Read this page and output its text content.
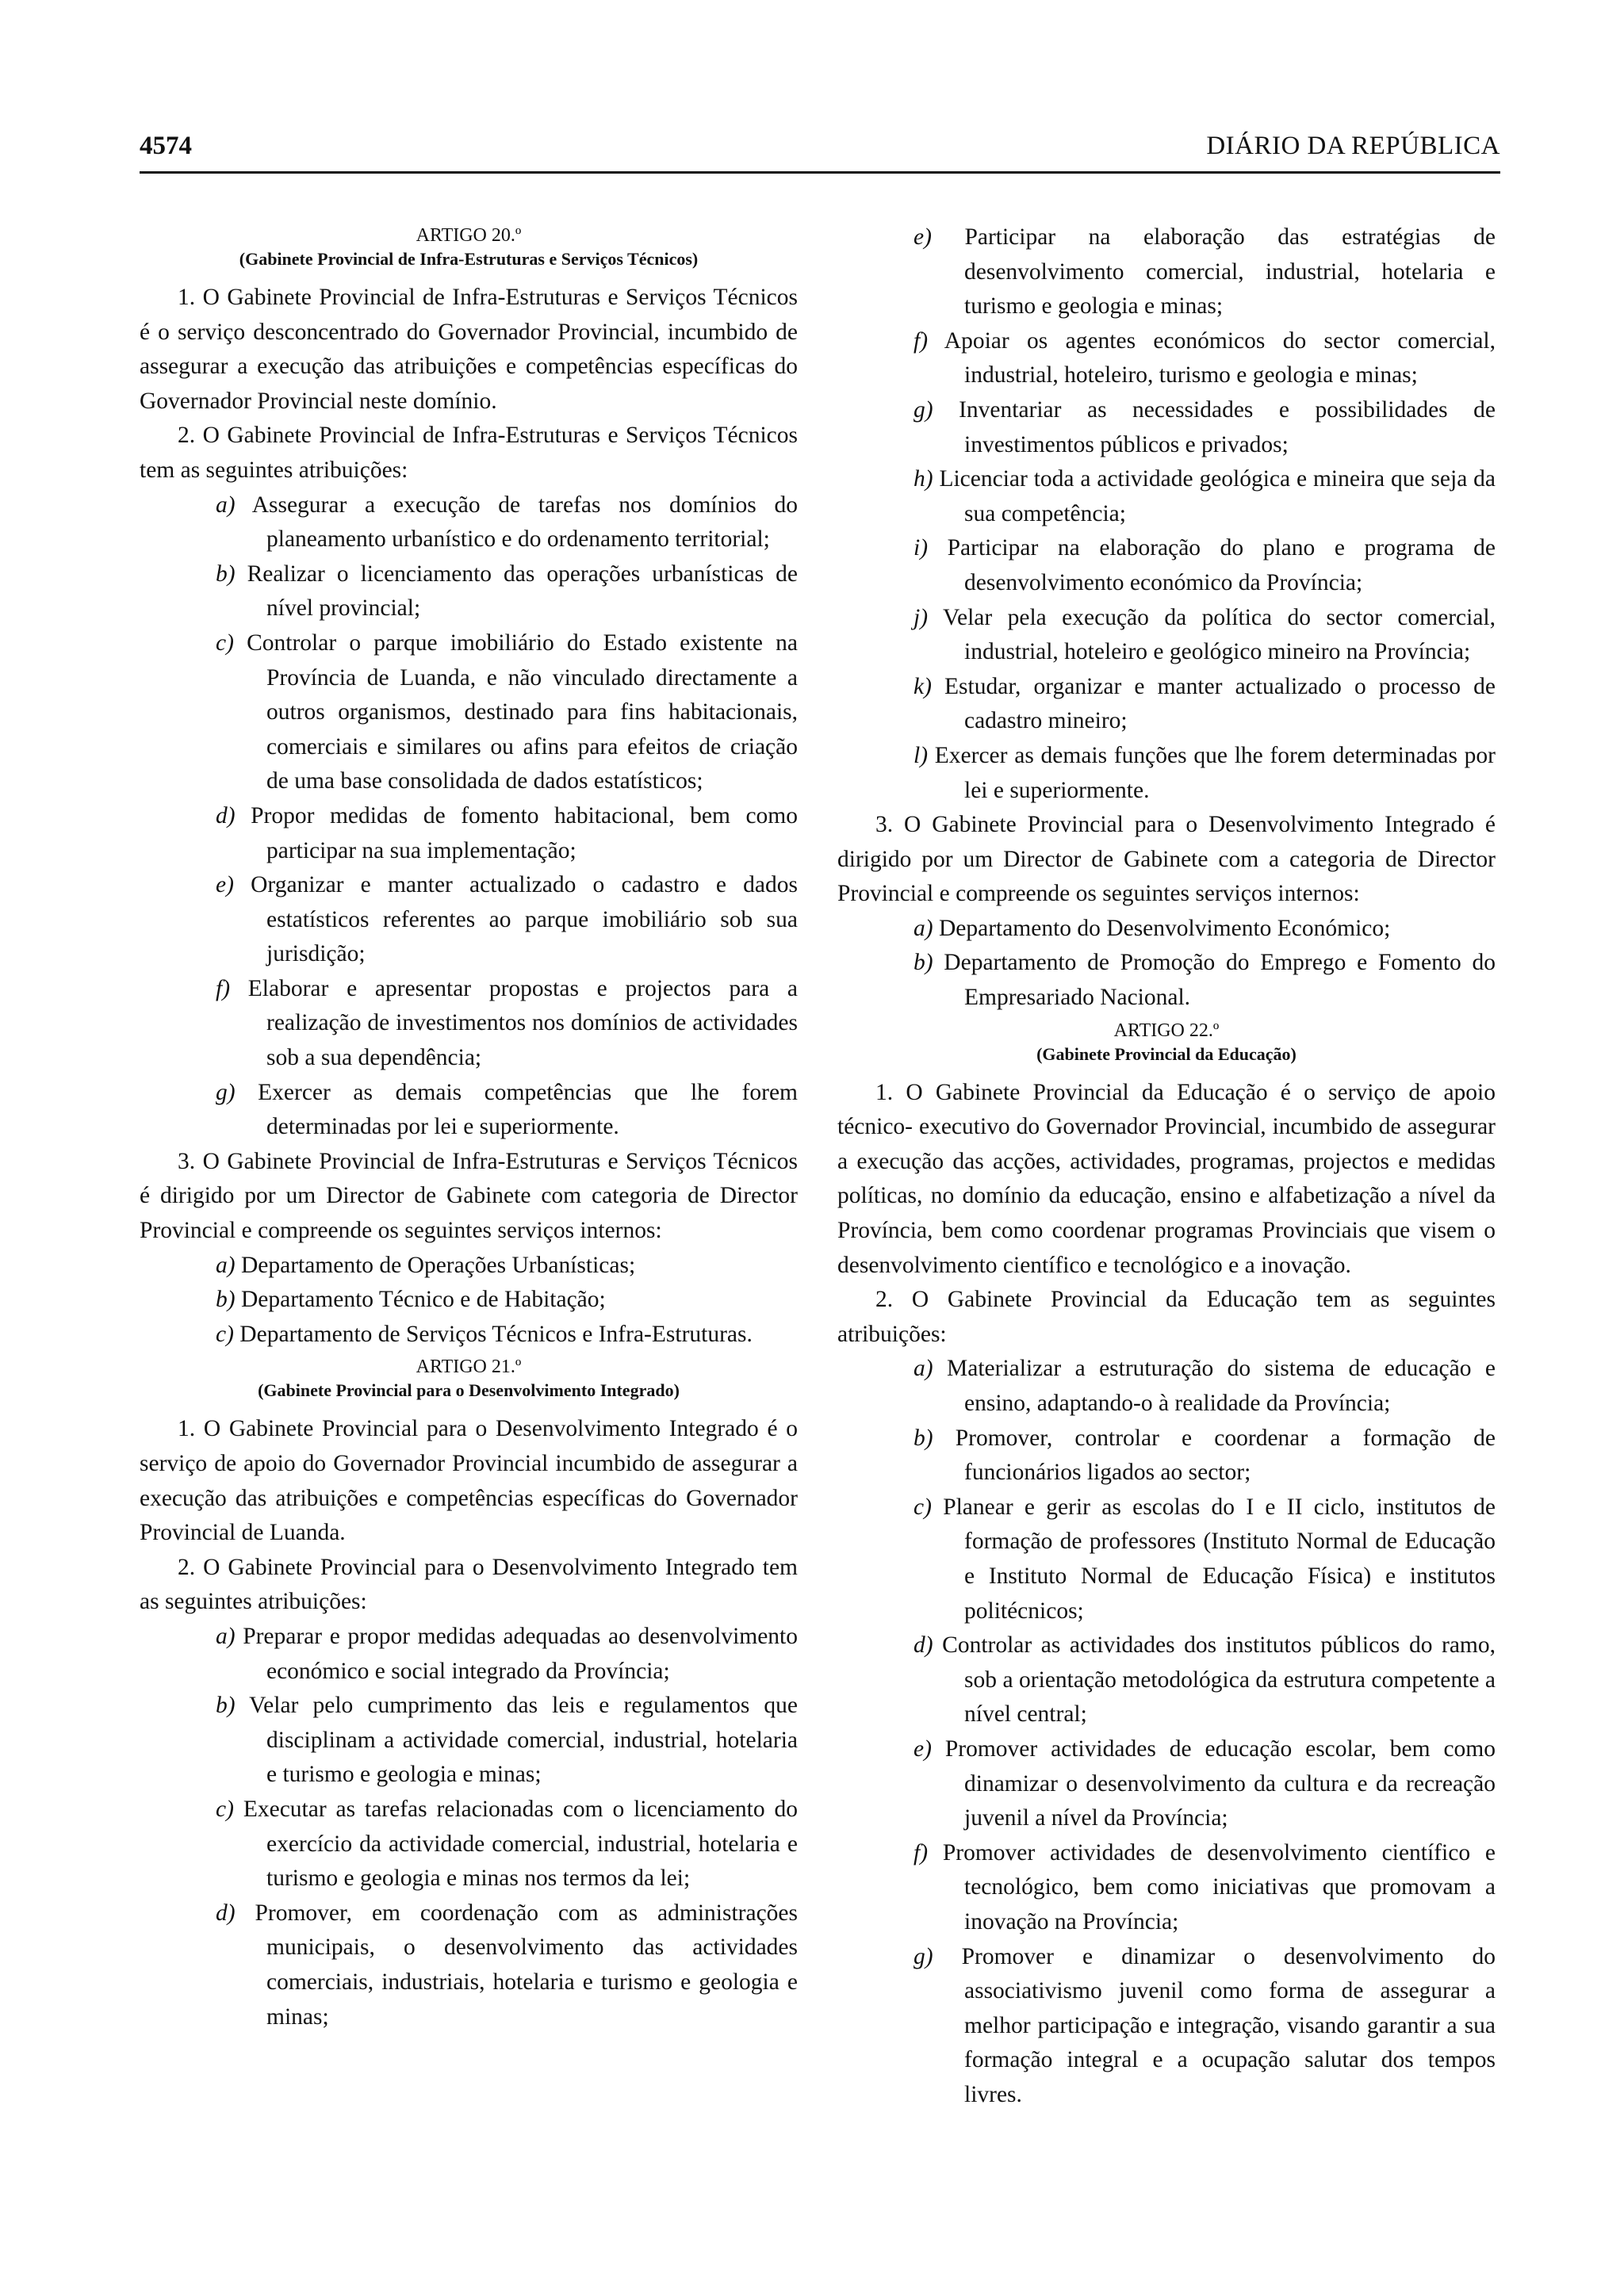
4574	DIÁRIO DA REPÚBLICA
ARTIGO 20.º
(Gabinete Provincial de Infra-Estruturas e Serviços Técnicos)

1. O Gabinete Provincial de Infra-Estruturas e Serviços Técnicos é o serviço desconcentrado do Governador Provincial, incumbido de assegurar a execução das atribuições e competências específicas do Governador Provincial neste domínio.

2. O Gabinete Provincial de Infra-Estruturas e Serviços Técnicos tem as seguintes atribuições:

a) Assegurar a execução de tarefas nos domínios do planeamento urbanístico e do ordenamento territorial;
b) Realizar o licenciamento das operações urbanísticas de nível provincial;
c) Controlar o parque imobiliário do Estado existente na Província de Luanda, e não vinculado directamente a outros organismos, destinado para fins habitacionais, comerciais e similares ou afins para efeitos de criação de uma base consolidada de dados estatísticos;
d) Propor medidas de fomento habitacional, bem como participar na sua implementação;
e) Organizar e manter actualizado o cadastro e dados estatísticos referentes ao parque imobiliário sob sua jurisdição;
f) Elaborar e apresentar propostas e projectos para a realização de investimentos nos domínios de actividades sob a sua dependência;
g) Exercer as demais competências que lhe forem determinadas por lei e superiormente.

3. O Gabinete Provincial de Infra-Estruturas e Serviços Técnicos é dirigido por um Director de Gabinete com categoria de Director Provincial e compreende os seguintes serviços internos:

a) Departamento de Operações Urbanísticas;
b) Departamento Técnico e de Habitação;
c) Departamento de Serviços Técnicos e Infra-Estruturas.
ARTIGO 21.º
(Gabinete Provincial para o Desenvolvimento Integrado)

1. O Gabinete Provincial para o Desenvolvimento Integrado é o serviço de apoio do Governador Provincial incumbido de assegurar a execução das atribuições e competências específicas do Governador Provincial de Luanda.

2. O Gabinete Provincial para o Desenvolvimento Integrado tem as seguintes atribuições:

a) Preparar e propor medidas adequadas ao desenvolvimento económico e social integrado da Província;
b) Velar pelo cumprimento das leis e regulamentos que disciplinam a actividade comercial, industrial, hotelaria e turismo e geologia e minas;
c) Executar as tarefas relacionadas com o licenciamento do exercício da actividade comercial, industrial, hotelaria e turismo e geologia e minas nos termos da lei;
d) Promover, em coordenação com as administrações municipais, o desenvolvimento das actividades comerciais, industriais, hotelaria e turismo e geologia e minas;
e) Participar na elaboração das estratégias de desenvolvimento comercial, industrial, hotelaria e turismo e geologia e minas;
f) Apoiar os agentes económicos do sector comercial, industrial, hoteleiro, turismo e geologia e minas;
g) Inventariar as necessidades e possibilidades de investimentos públicos e privados;
h) Licenciar toda a actividade geológica e mineira que seja da sua competência;
i) Participar na elaboração do plano e programa de desenvolvimento económico da Província;
j) Velar pela execução da política do sector comercial, industrial, hoteleiro e geológico mineiro na Província;
k) Estudar, organizar e manter actualizado o processo de cadastro mineiro;
l) Exercer as demais funções que lhe forem determinadas por lei e superiormente.

3. O Gabinete Provincial para o Desenvolvimento Integrado é dirigido por um Director de Gabinete com a categoria de Director Provincial e compreende os seguintes serviços internos:

a) Departamento do Desenvolvimento Económico;
b) Departamento de Promoção do Emprego e Fomento do Empresariado Nacional.
ARTIGO 22.º
(Gabinete Provincial da Educação)

1. O Gabinete Provincial da Educação é o serviço de apoio técnico- executivo do Governador Provincial, incumbido de assegurar a execução das acções, actividades, programas, projectos e medidas políticas, no domínio da educação, ensino e alfabetização a nível da Província, bem como coordenar programas Provinciais que visem o desenvolvimento científico e tecnológico e a inovação.

2. O Gabinete Provincial da Educação tem as seguintes atribuições:

a) Materializar a estruturação do sistema de educação e ensino, adaptando-o à realidade da Província;
b) Promover, controlar e coordenar a formação de funcionários ligados ao sector;
c) Planear e gerir as escolas do I e II ciclo, institutos de formação de professores (Instituto Normal de Educação e Instituto Normal de Educação Física) e institutos politécnicos;
d) Controlar as actividades dos institutos públicos do ramo, sob a orientação metodológica da estrutura competente a nível central;
e) Promover actividades de educação escolar, bem como dinamizar o desenvolvimento da cultura e da recreação juvenil a nível da Província;
f) Promover actividades de desenvolvimento científico e tecnológico, bem como iniciativas que promovam a inovação na Província;
g) Promover e dinamizar o desenvolvimento do associativismo juvenil como forma de assegurar a melhor participação e integração, visando garantir a sua formação integral e a ocupação salutar dos tempos livres.
